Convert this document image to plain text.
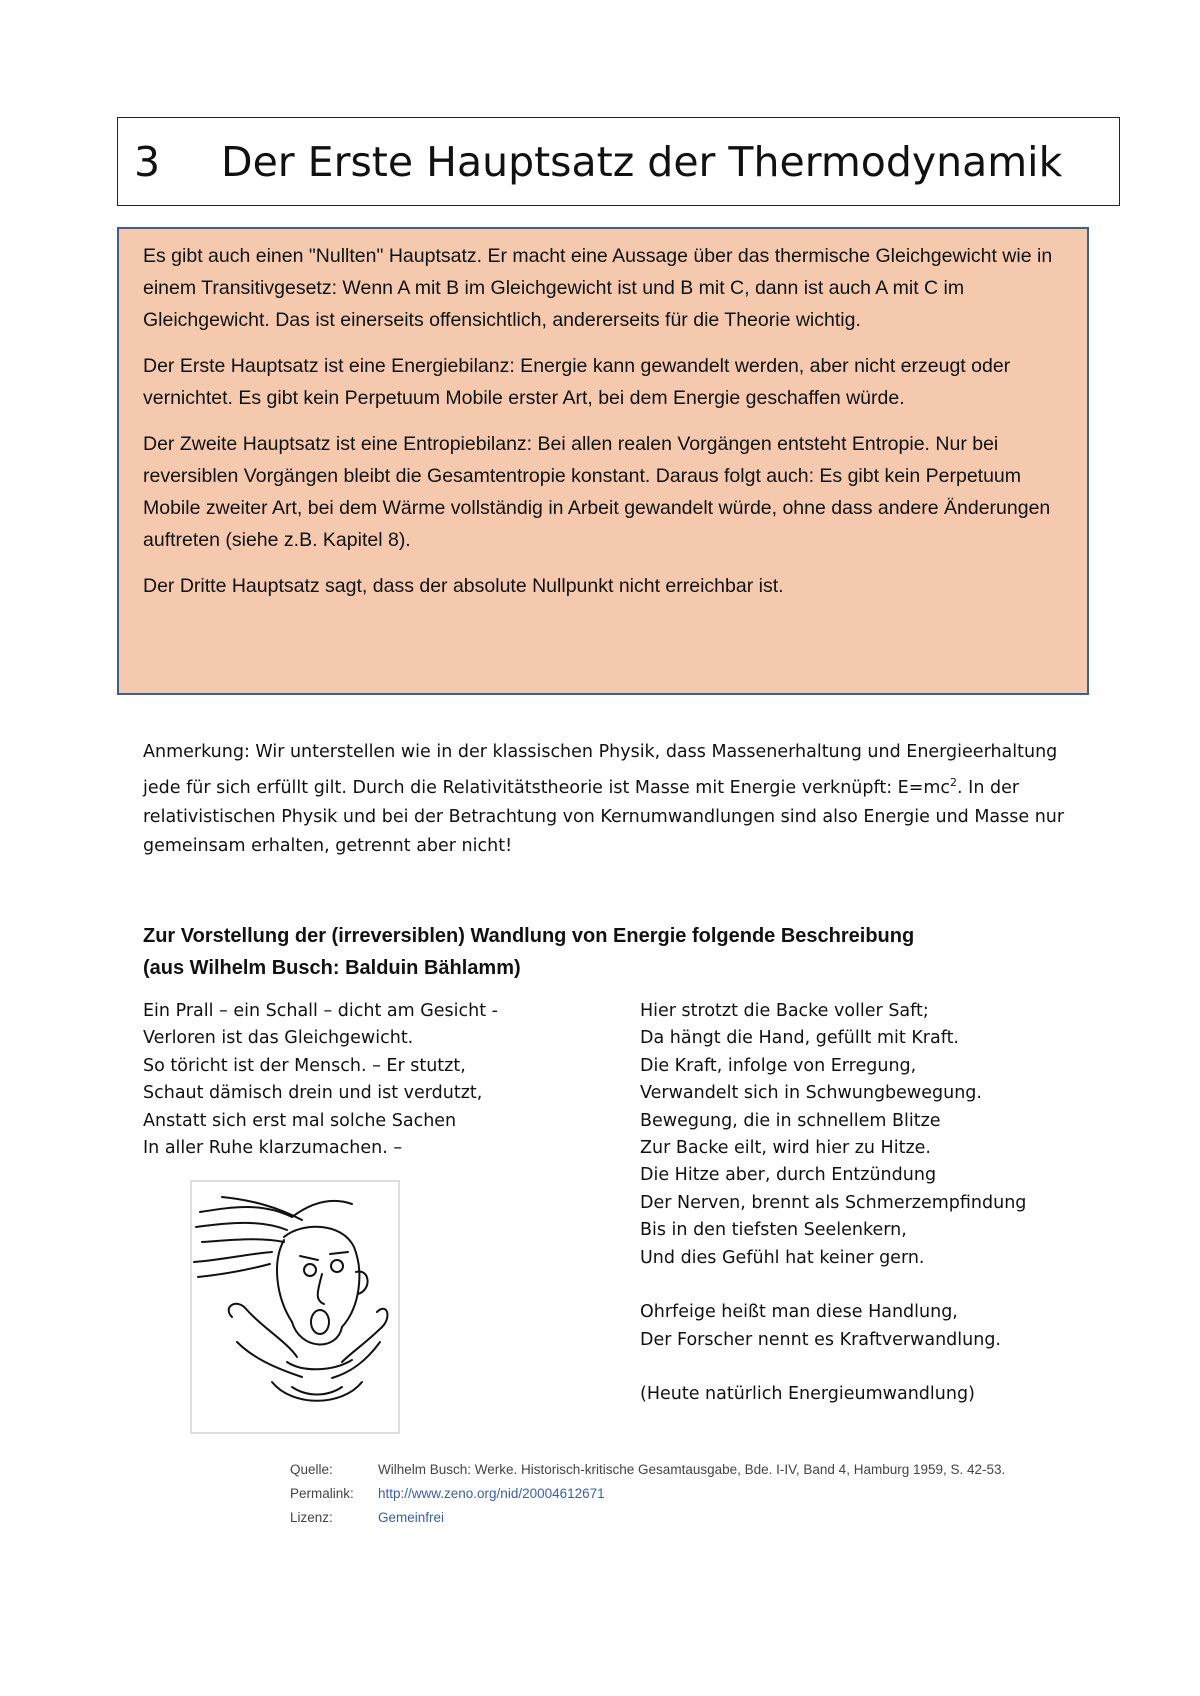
3	Der Erste Hauptsatz der Thermodynamik

Es gibt auch einen "Nullten" Hauptsatz. Er macht eine Aussage über das thermische Gleichgewicht wie in einem Transitivgesetz: Wenn A mit B im Gleichgewicht ist und B mit C, dann ist auch A mit C im Gleichgewicht. Das ist einerseits offensichtlich, andererseits für die Theorie wichtig.

Der Erste Hauptsatz ist eine Energiebilanz: Energie kann gewandelt werden, aber nicht erzeugt oder vernichtet. Es gibt kein Perpetuum Mobile erster Art, bei dem Energie geschaffen würde.

Der Zweite Hauptsatz ist eine Entropiebilanz: Bei allen realen Vorgängen entsteht Entropie. Nur bei reversiblen Vorgängen bleibt die Gesamtentropie konstant. Daraus folgt auch: Es gibt kein Perpetuum Mobile zweiter Art, bei dem Wärme vollständig in Arbeit gewandelt würde, ohne dass andere Änderungen auftreten (siehe z.B. Kapitel 8).

Der Dritte Hauptsatz sagt, dass der absolute Nullpunkt nicht erreichbar ist.

Anmerkung: Wir unterstellen wie in der klassischen Physik, dass Massenerhaltung und Energieerhaltung jede für sich erfüllt gilt. Durch die Relativitätstheorie ist Masse mit Energie verknüpft: $E=mc^2$. In der relativistischen Physik und bei der Betrachtung von Kernumwandlungen sind also Energie und Masse nur gemeinsam erhalten, getrennt aber nicht!

Zur Vorstellung der (irreversiblen) Wandlung von Energie folgende Beschreibung
(aus Wilhelm Busch: Balduin Bählamm)
Ein Prall – ein Schall – dicht am Gesicht -
Verloren ist das Gleichgewicht.
So töricht ist der Mensch. – Er stutzt,
Schaut dämisch drein und ist verdutzt,
Anstatt sich erst mal solche Sachen
In aller Ruhe klarzumachen. –
Hier strotzt die Backe voller Saft;
Da hängt die Hand, gefüllt mit Kraft.
Die Kraft, infolge von Erregung,
Verwandelt sich in Schwungbewegung.
Bewegung, die in schnellem Blitze
Zur Backe eilt, wird hier zu Hitze.
Die Hitze aber, durch Entzündung
Der Nerven, brennt als Schmerzempfindung
Bis in den tiefsten Seelenkern,
Und dies Gefühl hat keiner gern.
Ohrfeige heißt man diese Handlung,
Der Forscher nennt es Kraftverwandlung.
(Heute natürlich Energieumwandlung)
Quelle:	Wilhelm Busch: Werke. Historisch-kritische Gesamtausgabe, Bde. I-IV, Band 4, Hamburg 1959, S. 42-53.
Permalink:	http://www.zeno.org/nid/20004612671
Lizenz:	Gemeinfrei
